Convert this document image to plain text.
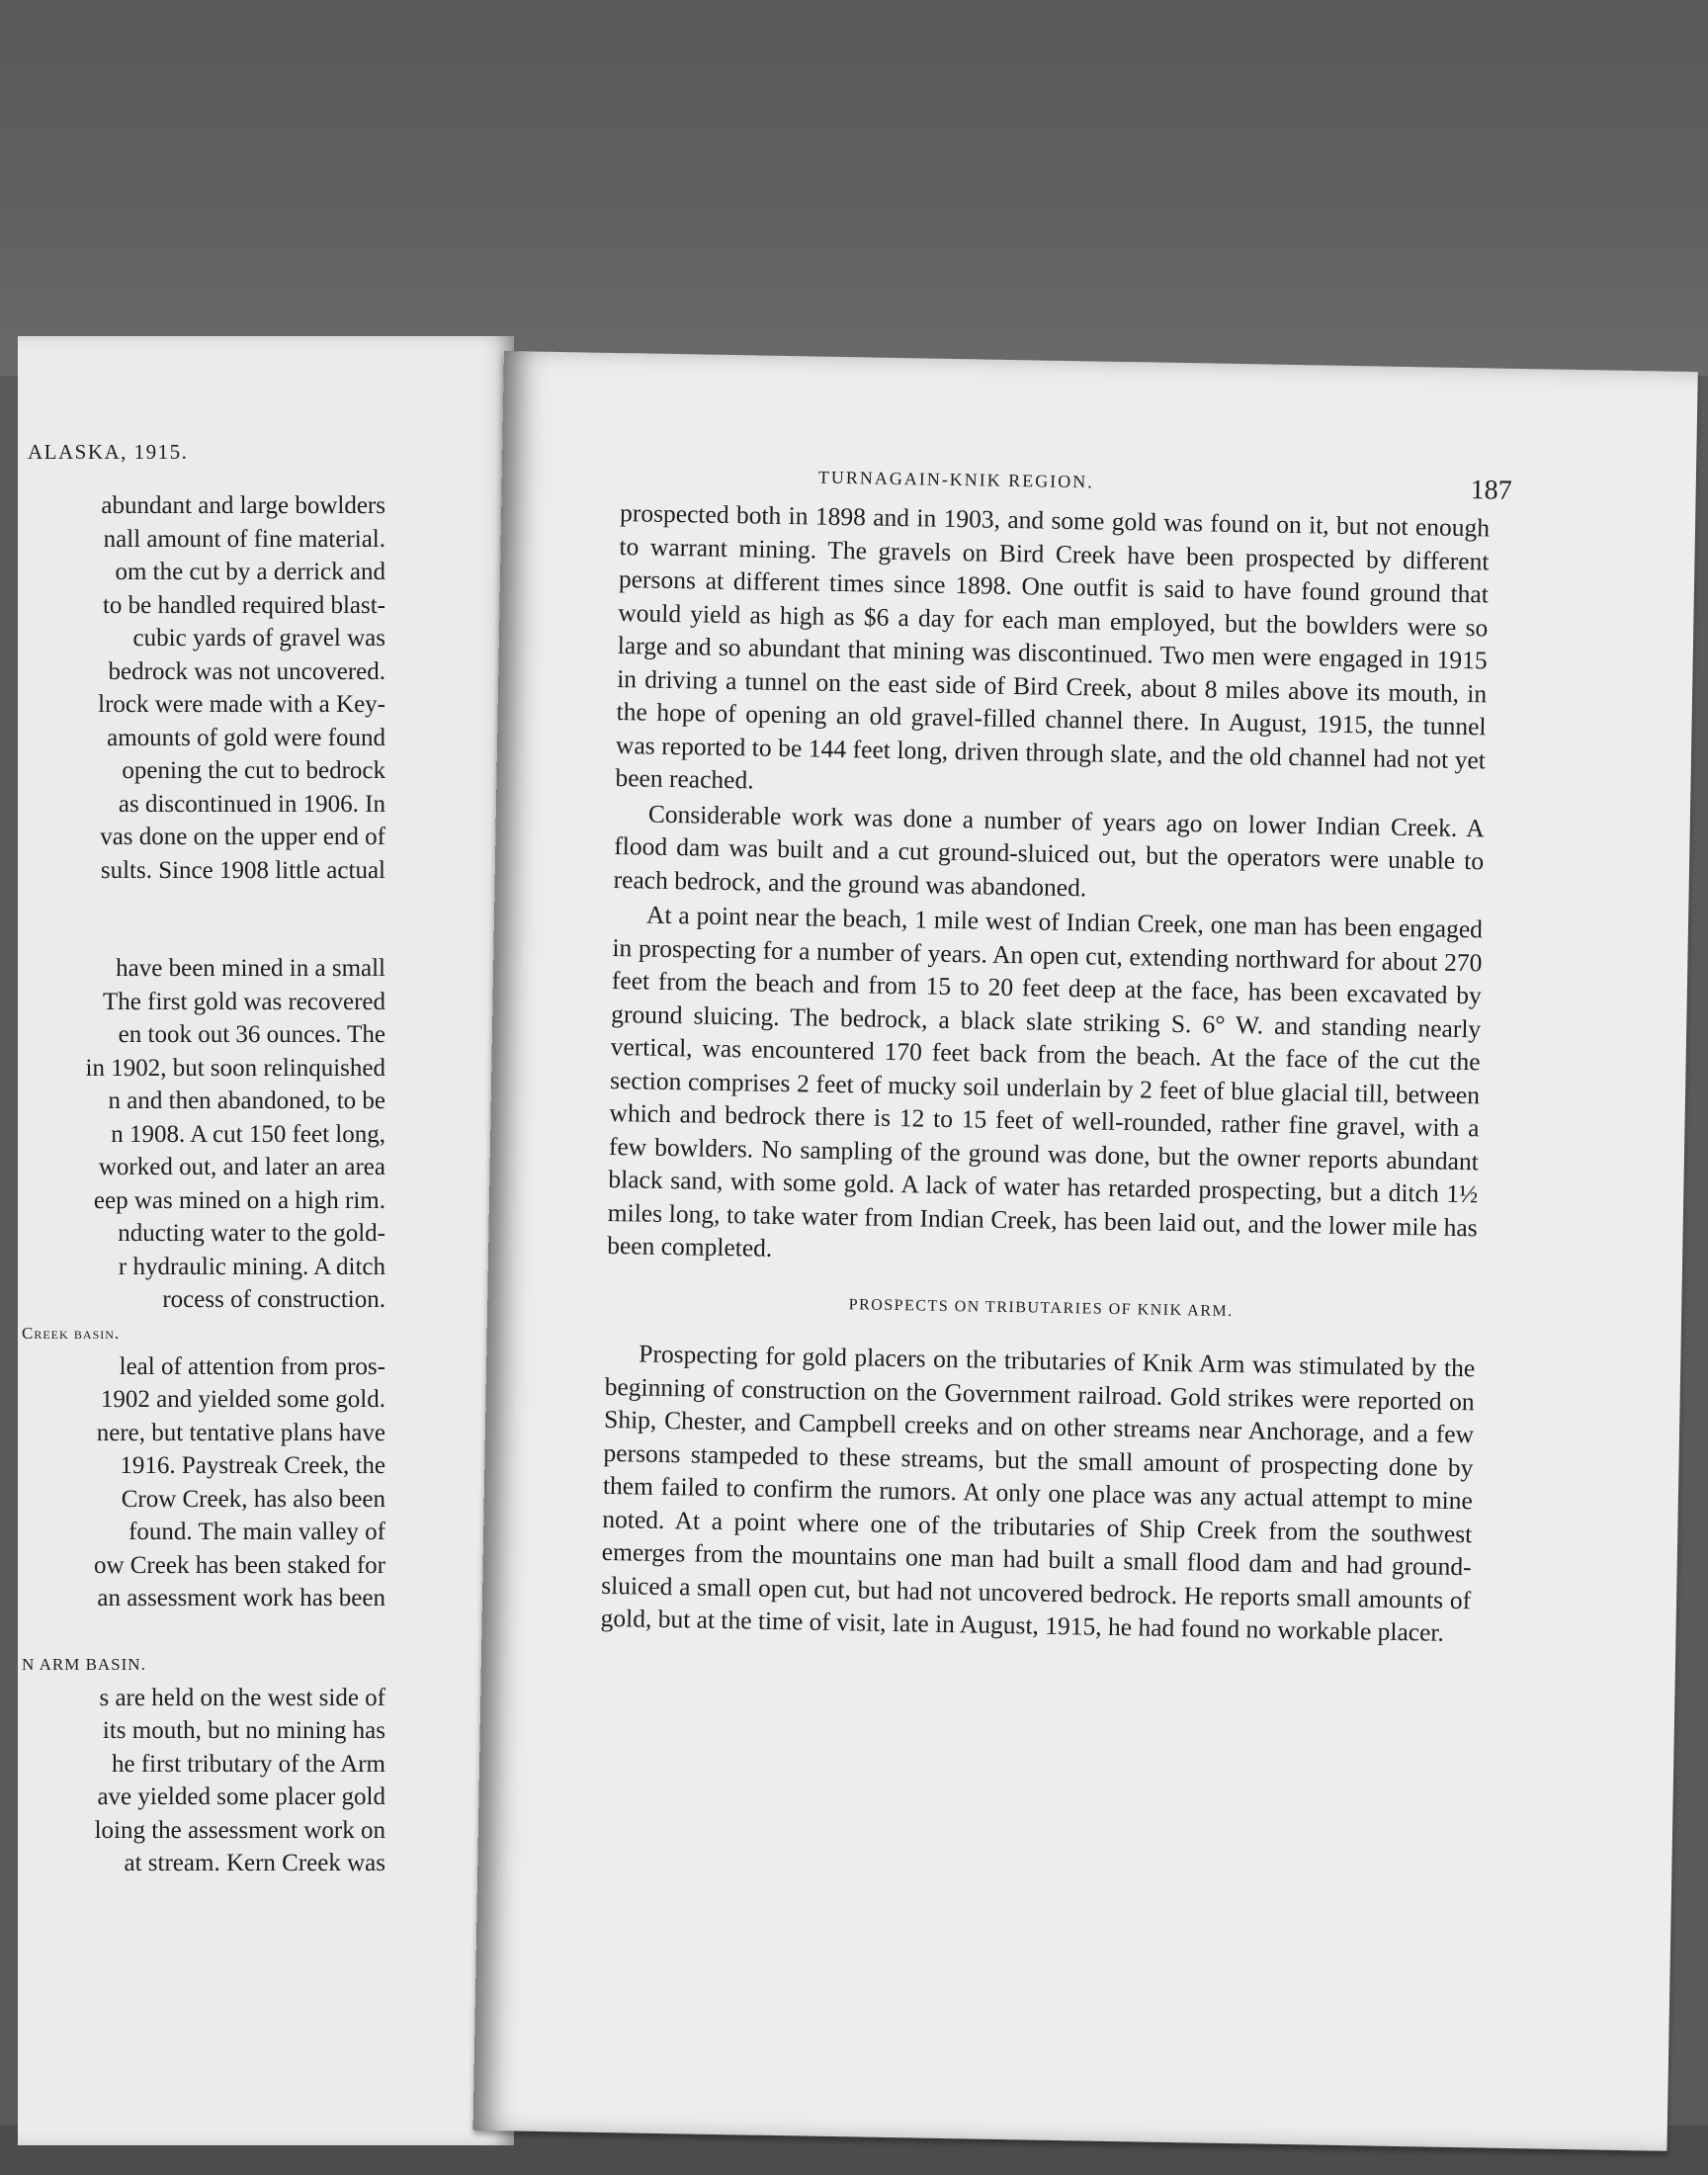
ALASKA, 1915.
abundant and large bowlders
nall amount of fine material.
om the cut by a derrick and
to be handled required blast-
cubic yards of gravel was
bedrock was not uncovered.
lrock were made with a Key-
amounts of gold were found
opening the cut to bedrock
as discontinued in 1906. In
vas done on the upper end of
sults. Since 1908 little actual
have been mined in a small
The first gold was recovered
en took out 36 ounces. The
in 1902, but soon relinquished
n and then abandoned, to be
n 1908. A cut 150 feet long,
worked out, and later an area
eep was mined on a high rim.
nducting water to the gold-
r hydraulic mining. A ditch
rocess of construction.
Creek basin.
leal of attention from pros-
1902 and yielded some gold.
nere, but tentative plans have
1916. Paystreak Creek, the
Crow Creek, has also been
found. The main valley of
ow Creek has been staked for
an assessment work has been
N ARM BASIN.
s are held on the west side of
its mouth, but no mining has
he first tributary of the Arm
ave yielded some placer gold
loing the assessment work on
at stream. Kern Creek was
TURNAGAIN-KNIK REGION.	187

prospected both in 1898 and in 1903, and some gold was found on it, but not enough to warrant mining. The gravels on Bird Creek have been prospected by different persons at different times since 1898. One outfit is said to have found ground that would yield as high as $6 a day for each man employed, but the bowlders were so large and so abundant that mining was discontinued. Two men were engaged in 1915 in driving a tunnel on the east side of Bird Creek, about 8 miles above its mouth, in the hope of opening an old gravel-filled channel there. In August, 1915, the tunnel was reported to be 144 feet long, driven through slate, and the old channel had not yet been reached.

Considerable work was done a number of years ago on lower Indian Creek. A flood dam was built and a cut ground-sluiced out, but the operators were unable to reach bedrock, and the ground was abandoned.

At a point near the beach, 1 mile west of Indian Creek, one man has been engaged in prospecting for a number of years. An open cut, extending northward for about 270 feet from the beach and from 15 to 20 feet deep at the face, has been excavated by ground sluicing. The bedrock, a black slate striking S. 6° W. and standing nearly vertical, was encountered 170 feet back from the beach. At the face of the cut the section comprises 2 feet of mucky soil underlain by 2 feet of blue glacial till, between which and bedrock there is 12 to 15 feet of well-rounded, rather fine gravel, with a few bowlders. No sampling of the ground was done, but the owner reports abundant black sand, with some gold. A lack of water has retarded prospecting, but a ditch 1½ miles long, to take water from Indian Creek, has been laid out, and the lower mile has been completed.

PROSPECTS ON TRIBUTARIES OF KNIK ARM.

Prospecting for gold placers on the tributaries of Knik Arm was stimulated by the beginning of construction on the Government railroad. Gold strikes were reported on Ship, Chester, and Campbell creeks and on other streams near Anchorage, and a few persons stampeded to these streams, but the small amount of prospecting done by them failed to confirm the rumors. At only one place was any actual attempt to mine noted. At a point where one of the tributaries of Ship Creek from the southwest emerges from the mountains one man had built a small flood dam and had ground-sluiced a small open cut, but had not uncovered bedrock. He reports small amounts of gold, but at the time of visit, late in August, 1915, he had found no workable placer.
